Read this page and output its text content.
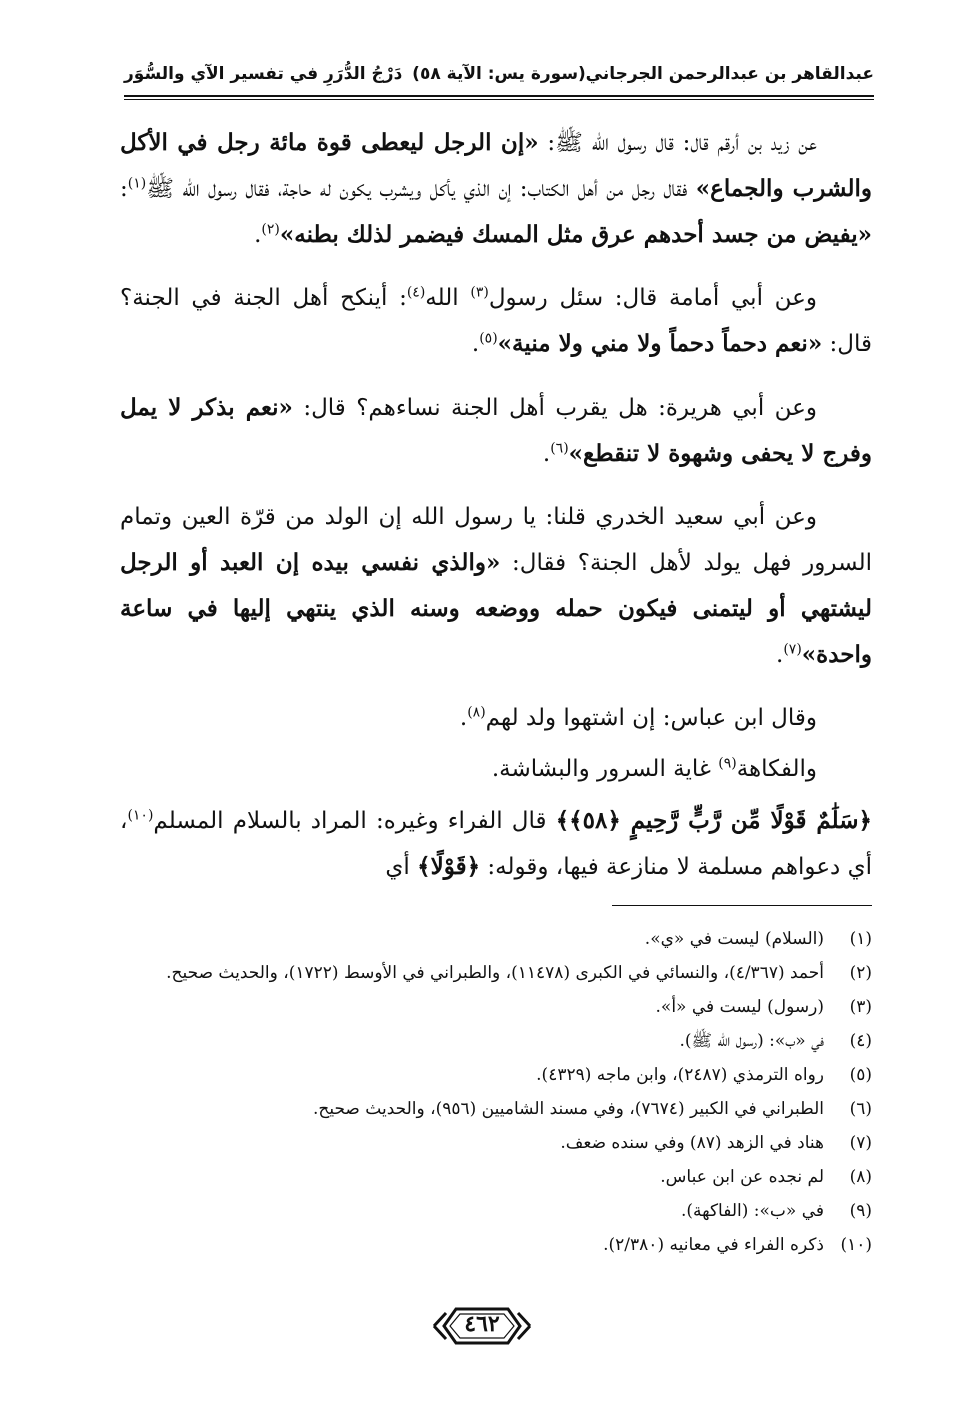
عبدالقاهر بن عبدالرحمن الجرجاني
(سورة يس: الآية ٥٨)
دَرْجُ الدُّرَرِ في تفسير الآي والسُّوَر

عن زيد بن أرقم قال: قال رسول الله ﷺ: «إن الرجل ليعطى قوة مائة رجل في الأكل والشرب والجماع» فقال رجل من أهل الكتاب: إن الذي يأكل ويشرب يكون له حاجة، فقال رسول الله ﷺ$^{(١)}$: «يفيض من جسد أحدهم عرق مثل المسك فيضمر لذلك بطنه»$^{(٢)}$.

وعن أبي أمامة قال: سئل رسول$^{(٣)}$ الله$^{(٤)}$: أينكح أهل الجنة في الجنة؟ قال: «نعم دحماً دحماً ولا مني ولا منية»$^{(٥)}$.

وعن أبي هريرة: هل يقرب أهل الجنة نساءهم؟ قال: «نعم بذكر لا يمل وفرج لا يحفى وشهوة لا تنقطع»$^{(٦)}$.

وعن أبي سعيد الخدري قلنا: يا رسول الله إن الولد من قرّة العين وتمام السرور فهل يولد لأهل الجنة؟ فقال: «والذي نفسي بيده إن العبد أو الرجل ليشتهي أو ليتمنى فيكون حمله ووضعه وسنه الذي ينتهي إليها في ساعة واحدة»$^{(٧)}$.

وقال ابن عباس: إن اشتهوا ولد لهم$^{(٨)}$.

والفكاهة$^{(٩)}$ غاية السرور والبشاشة.

﴿سَلَٰمٌ قَوْلًا مِّن رَّبٍّ رَّحِيمٍ ﴿٥٨﴾﴾ قال الفراء وغيره: المراد بالسلام المسلم$^{(١٠)}$، أي دعواهم مسلمة لا منازعة فيها، وقوله: ﴿قَوْلًا﴾ أي

(١)
(السلام) ليست في «ي».
(٢)
أحمد (٤/٣٦٧)، والنسائي في الكبرى (١١٤٧٨)، والطبراني في الأوسط (١٧٢٢)، والحديث صحيح.
(٣)
(رسول) ليست في «أ».
(٤)
في «ب»: (رسول الله ﷺ).
(٥)
رواه الترمذي (٢٤٨٧)، وابن ماجه (٤٣٢٩).
(٦)
الطبراني في الكبير (٧٦٧٤)، وفي مسند الشاميين (٩٥٦)، والحديث صحيح.
(٧)
هناد في الزهد (٨٧) وفي سنده ضعف.
(٨)
لم نجده عن ابن عباس.
(٩)
في «ب»: (الفاكهة).
(١٠)
ذكره الفراء في معانيه (٢/٣٨٠).
٤٦٢
